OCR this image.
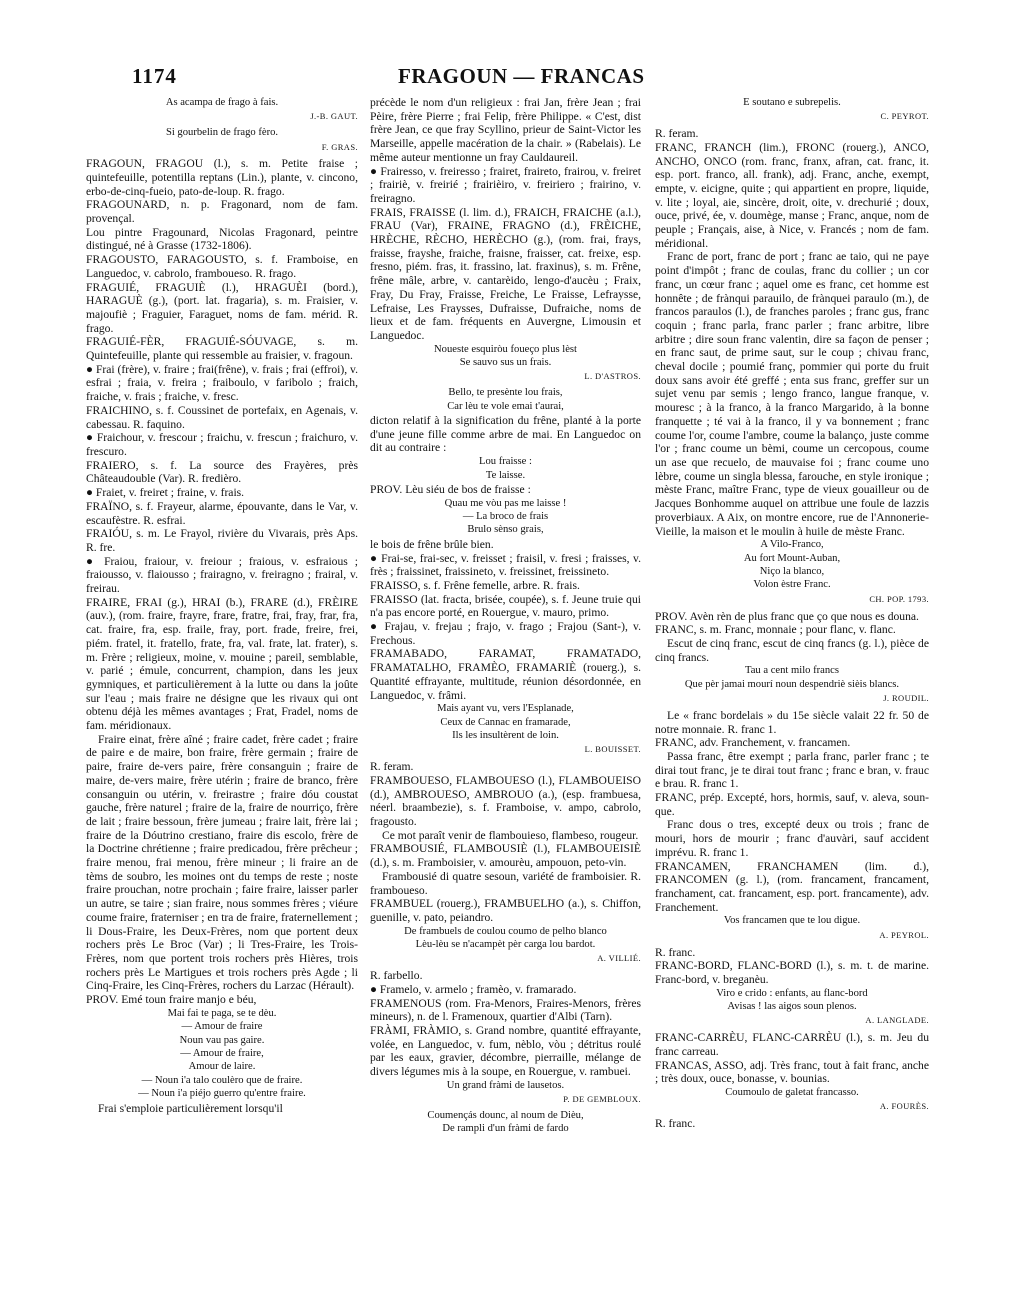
1174	FRAGOUN — FRANCAS
As acampa de frago à fais.
J.-B. GAUT.
Si gourbelin de frago fèro.
F. GRAS.

FRAGOUN, FRAGOU (l.), s. m. Petite fraise ; quintefeuille, potentilla reptans (Lin.), plante, v. cincono, erbo-de-cinq-fueio, pato-de-loup. R. frago.

FRAGOUNARD, n. p. Fragonard, nom de fam. provençal.

Lou pintre Fragounard, Nicolas Fragonard, peintre distingué, né à Grasse (1732-1806).

FRAGOUSTO, FARAGOUSTO, s. f. Framboise, en Languedoc, v. cabrolo, framboueso. R. frago.

FRAGUIÉ, FRAGUIÈ (l.), HRAGUÈI (bord.), HARAGUÈ (g.), (port. lat. fragaria), s. m. Fraisier, v. majoufiè ; Fraguier, Faraguet, noms de fam. mérid. R. frago.

FRAGUIÉ-FÈR, FRAGUIÉ-SÓUVAGE, s. m. Quintefeuille, plante qui ressemble au fraisier, v. fragoun.

● Frai (frère), v. fraire ; frai(frêne), v. frais ; frai (effroi), v. esfrai ; fraia, v. freira ; fraiboulo, v faribolo ; fraich, fraiche, v. frais ; fraiche, v. fresc.

FRAICHINO, s. f. Coussinet de portefaix, en Agenais, v. cabessau. R. faquino.

● Fraichour, v. frescour ; fraichu, v. frescun ; fraichuro, v. frescuro.

FRAIERO, s. f. La source des Frayères, près Châteaudouble (Var). R. fredièro.

● Fraiet, v. freiret ; fraine, v. frais.

FRAÏNO, s. f. Frayeur, alarme, épouvante, dans le Var, v. escaufèstre. R. esfrai.

FRAIÓU, s. m. Le Frayol, rivière du Vivarais, près Aps. R. fre.

● Fraiou, fraiour, v. freiour ; fraious, v. esfraious ; fraiousso, v. flaiousso ; frairagno, v. freiragno ; frairal, v. freirau.

FRAIRE, FRAI (g.), HRAI (b.), FRARE (d.), FRÈIRE (auv.), (rom. fraire, frayre, frare, fratre, frai, fray, frar, fra, cat. fraire, fra, esp. fraile, fray, port. frade, freire, frei, piém. fratel, it. fratello, frate, fra, val. frate, lat. frater), s. m. Frère ; religieux, moine, v. mouine ; pareil, semblable, v. parié ; émule, concurrent, champion, dans les jeux gymniques, et particulièrement à la lutte ou dans la joûte sur l'eau ; mais fraire ne désigne que les rivaux qui ont obtenu déjà les mêmes avantages ; Frat, Fradel, noms de fam. méridionaux.

Fraire einat, frère aîné ; fraire cadet, frère cadet ; fraire de paire e de maire, bon fraire, frère germain ; fraire de paire, fraire de-vers paire, frère consanguin ; fraire de maire, de-vers maire, frère utérin ; fraire de branco, frère consanguin ou utérin, v. freirastre ; fraire dóu coustat gauche, frère naturel ; fraire de la, fraire de nourriço, frère de lait ; fraire bessoun, frère jumeau ; fraire lait, frère lai ; fraire de la Dóutrino crestiano, fraire dis escolo, frère de la Doctrine chrétienne ; fraire predicadou, frère prêcheur ; fraire menou, frai menou, frère mineur ; li fraire an de tèms de soubro, les moines ont du temps de reste ; noste fraire prouchan, notre prochain ; faire fraire, laisser parler un autre, se taire ; sian fraire, nous sommes frères ; viéure coume fraire, fraterniser ; en tra de fraire, fraternellement ; li Dous-Fraire, les Deux-Frères, nom que portent deux rochers près Le Broc (Var) ; li Tres-Fraire, les Trois-Frères, nom que portent trois rochers près Hières, trois rochers près Le Martigues et trois rochers près Agde ; li Cinq-Fraire, les Cinq-Frères, rochers du Larzac (Hérault).

PROV. Emé toun fraire manjo e béu,

Mai fai te paga, se te dèu.
— Amour de fraire
Noun vau pas gaire.
— Amour de fraire,
Amour de laire.
— Noun i'a talo coulèro que de fraire.
— Noun i'a piéjo guerro qu'entre fraire.

Frai s'emploie particulièrement lorsqu'il

précède le nom d'un religieux : frai Jan, frère Jean ; frai Pèire, frère Pierre ; frai Felip, frère Philippe. « C'est, dist frère Jean, ce que fray Scyllino, prieur de Saint-Victor les Marseille, appelle macération de la chair. » (Rabelais). Le même auteur mentionne un fray Cauldaureil.

● Frairesso, v. freiresso ; frairet, fraireto, frairou, v. freiret ; frairiè, v. freirié ; frairièiro, v. freiriero ; frairino, v. freiragno.

FRAIS, FRAISSE (l. lim. d.), FRAICH, FRAICHE (a.l.), FRAU (Var), FRAINE, FRAGNO (d.), FRÈICHE, HRÈCHE, RÈCHO, HERÈCHO (g.), (rom. frai, frays, fraisse, frayshe, fraiche, fraisne, fraisser, cat. freixe, esp. fresno, piém. fras, it. frassino, lat. fraxinus), s. m. Frêne, frêne mâle, arbre, v. cantarèido, lengo-d'aucèu ; Fraix, Fray, Du Fray, Fraisse, Freiche, Le Fraisse, Lefraysse, Lefraise, Les Fraysses, Dufraisse, Dufraiche, noms de lieux et de fam. fréquents en Auvergne, Limousin et Languedoc.

Noueste esquiròu foueço plus lèst
Se sauvo sus un frais.
L. D'ASTROS.
Bello, te presènte lou frais,
Car lèu te vole emai t'aurai,

dicton relatif à la signification du frêne, planté à la porte d'une jeune fille comme arbre de mai. En Languedoc on dit au contraire :

Lou fraisse :
Te laisse.

PROV. Lèu siéu de bos de fraisse :

Quau me vòu pas me laisse !
— La broco de frais
Brulo sènso grais,

le bois de frêne brûle bien.

● Frai-se, frai-sec, v. freisset ; fraisil, v. fresi ; fraisses, v. frès ; fraissinet, fraissineto, v. freissinet, freissineto.

FRAISSO, s. f. Frêne femelle, arbre. R. frais.

FRAISSO (lat. fracta, brisée, coupée), s. f. Jeune truie qui n'a pas encore porté, en Rouergue, v. mauro, primo.

● Frajau, v. frejau ; frajo, v. frago ; Frajou (Sant-), v. Frechous.

FRAMABADO, FARAMAT, FRAMATADO, FRAMATALHO, FRAMÈO, FRAMARIÈ (rouerg.), s. Quantité effrayante, multitude, réunion désordonnée, en Languedoc, v. frâmi.

Mais ayant vu, vers l'Esplanade,
Ceux de Cannac en framarade,
Ils les insultèrent de loin.
L. BOUISSET.

R. feram.

FRAMBOUESO, FLAMBOUESO (l.), FLAMBOUEISO (d.), AMBROUESO, AMBROUO (a.), (esp. frambuesa, néerl. braambezie), s. f. Framboise, v. ampo, cabrolo, fragousto.

Ce mot paraît venir de flambouieso, flambeso, rougeur.

FRAMBOUSIÉ, FLAMBOUSIÈ (l.), FLAMBOUEISIÈ (d.), s. m. Framboisier, v. amourèu, ampouon, peto-vin.

Frambousié di quatre sesoun, variété de framboisier. R. framboueso.

FRAMBUEL (rouerg.), FRAMBUELHO (a.), s. Chiffon, guenille, v. pato, peiandro.

De frambuels de coulou coumo de pelho blanco
Lèu-lèu se n'acampèt pèr carga lou bardot.
A. VILLIÉ.

R. farbello.

● Framelo, v. armelo ; framèo, v. framarado.

FRAMENOUS (rom. Fra-Menors, Fraires-Menors, frères mineurs), n. de l. Framenoux, quartier d'Albi (Tarn).

FRÀMI, FRÀMIO, s. Grand nombre, quantité effrayante, volée, en Languedoc, v. fum, nèblo, vòu ; détritus roulé par les eaux, gravier, décombre, pierraille, mélange de divers légumes mis à la soupe, en Rouergue, v. rambuei.

Un grand fràmi de lausetos.
P. DE GEMBLOUX.
Coumençás dounc, al noum de Dièu,
De rampli d'un fràmi de fardo
E soutano e subrepelis.
C. PEYROT.

R. feram.

FRANC, FRANCH (lim.), FRONC (rouerg.), ANCO, ANCHO, ONCO (rom. franc, franx, afran, cat. franc, it. esp. port. franco, all. frank), adj. Franc, anche, exempt, empte, v. eicigne, quite ; qui appartient en propre, liquide, v. lite ; loyal, aie, sincère, droit, oite, v. drechurié ; doux, ouce, privé, ée, v. doumège, manse ; Franc, anque, nom de peuple ; Français, aise, à Nice, v. Francés ; nom de fam. méridional.

Franc de port, franc de port ; franc ae taio, qui ne paye point d'impôt ; franc de coulas, franc du collier ; un cor franc, un cœur franc ; aquel ome es franc, cet homme est honnête ; de frànqui parauilo, de frànquei paraulo (m.), de francos paraulos (l.), de franches paroles ; franc gus, franc coquin ; franc parla, franc parler ; franc arbitre, libre arbitre ; dire soun franc valentin, dire sa façon de penser ; en franc saut, de prime saut, sur le coup ; chivau franc, cheval docile ; poumié franç, pommier qui porte du fruit doux sans avoir été greffé ; enta sus franc, greffer sur un sujet venu par semis ; lengo franco, langue franque, v. mouresc ; à la franco, à la franco Margarido, à la bonne franquette ; té vai à la franco, il y va bonnement ; franc coume l'or, coume l'ambre, coume la balanço, juste comme l'or ; franc coume un bèmi, coume un cercopous, coume un ase que recuelo, de mauvaise foi ; franc coume uno lèbre, coume un singla blessa, farouche, en style ironique ; mèste Franc, maître Franc, type de vieux gouailleur ou de Jacques Bonhomme auquel on attribue une foule de lazzis proverbiaux. A Aix, on montre encore, rue de l'Annonerie-Vieille, la maison et le moulin à huile de mèste Franc.

A Vilo-Franco,
Au fort Mount-Auban,
Niço la blanco,
Volon èstre Franc.
CH. POP. 1793.

PROV. Avèn rèn de plus franc que ço que nous es douna.

FRANC, s. m. Franc, monnaie ; pour flanc, v. flanc.

Escut de cinq franc, escut de cinq francs (g. l.), pièce de cinq francs.

Tau a cent milo francs
Que pèr jamai mourí noun despendriè sièis blancs.
J. ROUDIL.

Le « franc bordelais » du 15e siècle valait 22 fr. 50 de notre monnaie. R. franc 1.

FRANC, adv. Franchement, v. francamen.

Passa franc, être exempt ; parla franc, parler franc ; te dirai tout franc, je te dirai tout franc ; franc e bran, v. frauc e brau. R. franc 1.

FRANC, prép. Excepté, hors, hormis, sauf, v. aleva, soun-que.

Franc dous o tres, excepté deux ou trois ; franc de mouri, hors de mourir ; franc d'auvàri, sauf accident imprévu. R. franc 1.

FRANCAMEN, FRANCHAMEN (lim. d.), FRANCOMEN (g. l.), (rom. francament, francament, franchament, cat. francament, esp. port. francamente), adv. Franchement.

Vos francamen que te lou digue.
A. PEYROL.

R. franc.

FRANC-BORD, FLANC-BORD (l.), s. m. t. de marine. Franc-bord, v. breganèu.

Viro e crido : enfants, au flanc-bord
Avisas ! las aigos soun plenos.
A. LANGLADE.

FRANC-CARRÈU, FLANC-CARRÈU (l.), s. m. Jeu du franc carreau.

FRANCAS, ASSO, adj. Très franc, tout à fait franc, anche ; très doux, ouce, bonasse, v. bounias.

Coumoulo de galetat francasso.
A. FOURÈS.

R. franc.
